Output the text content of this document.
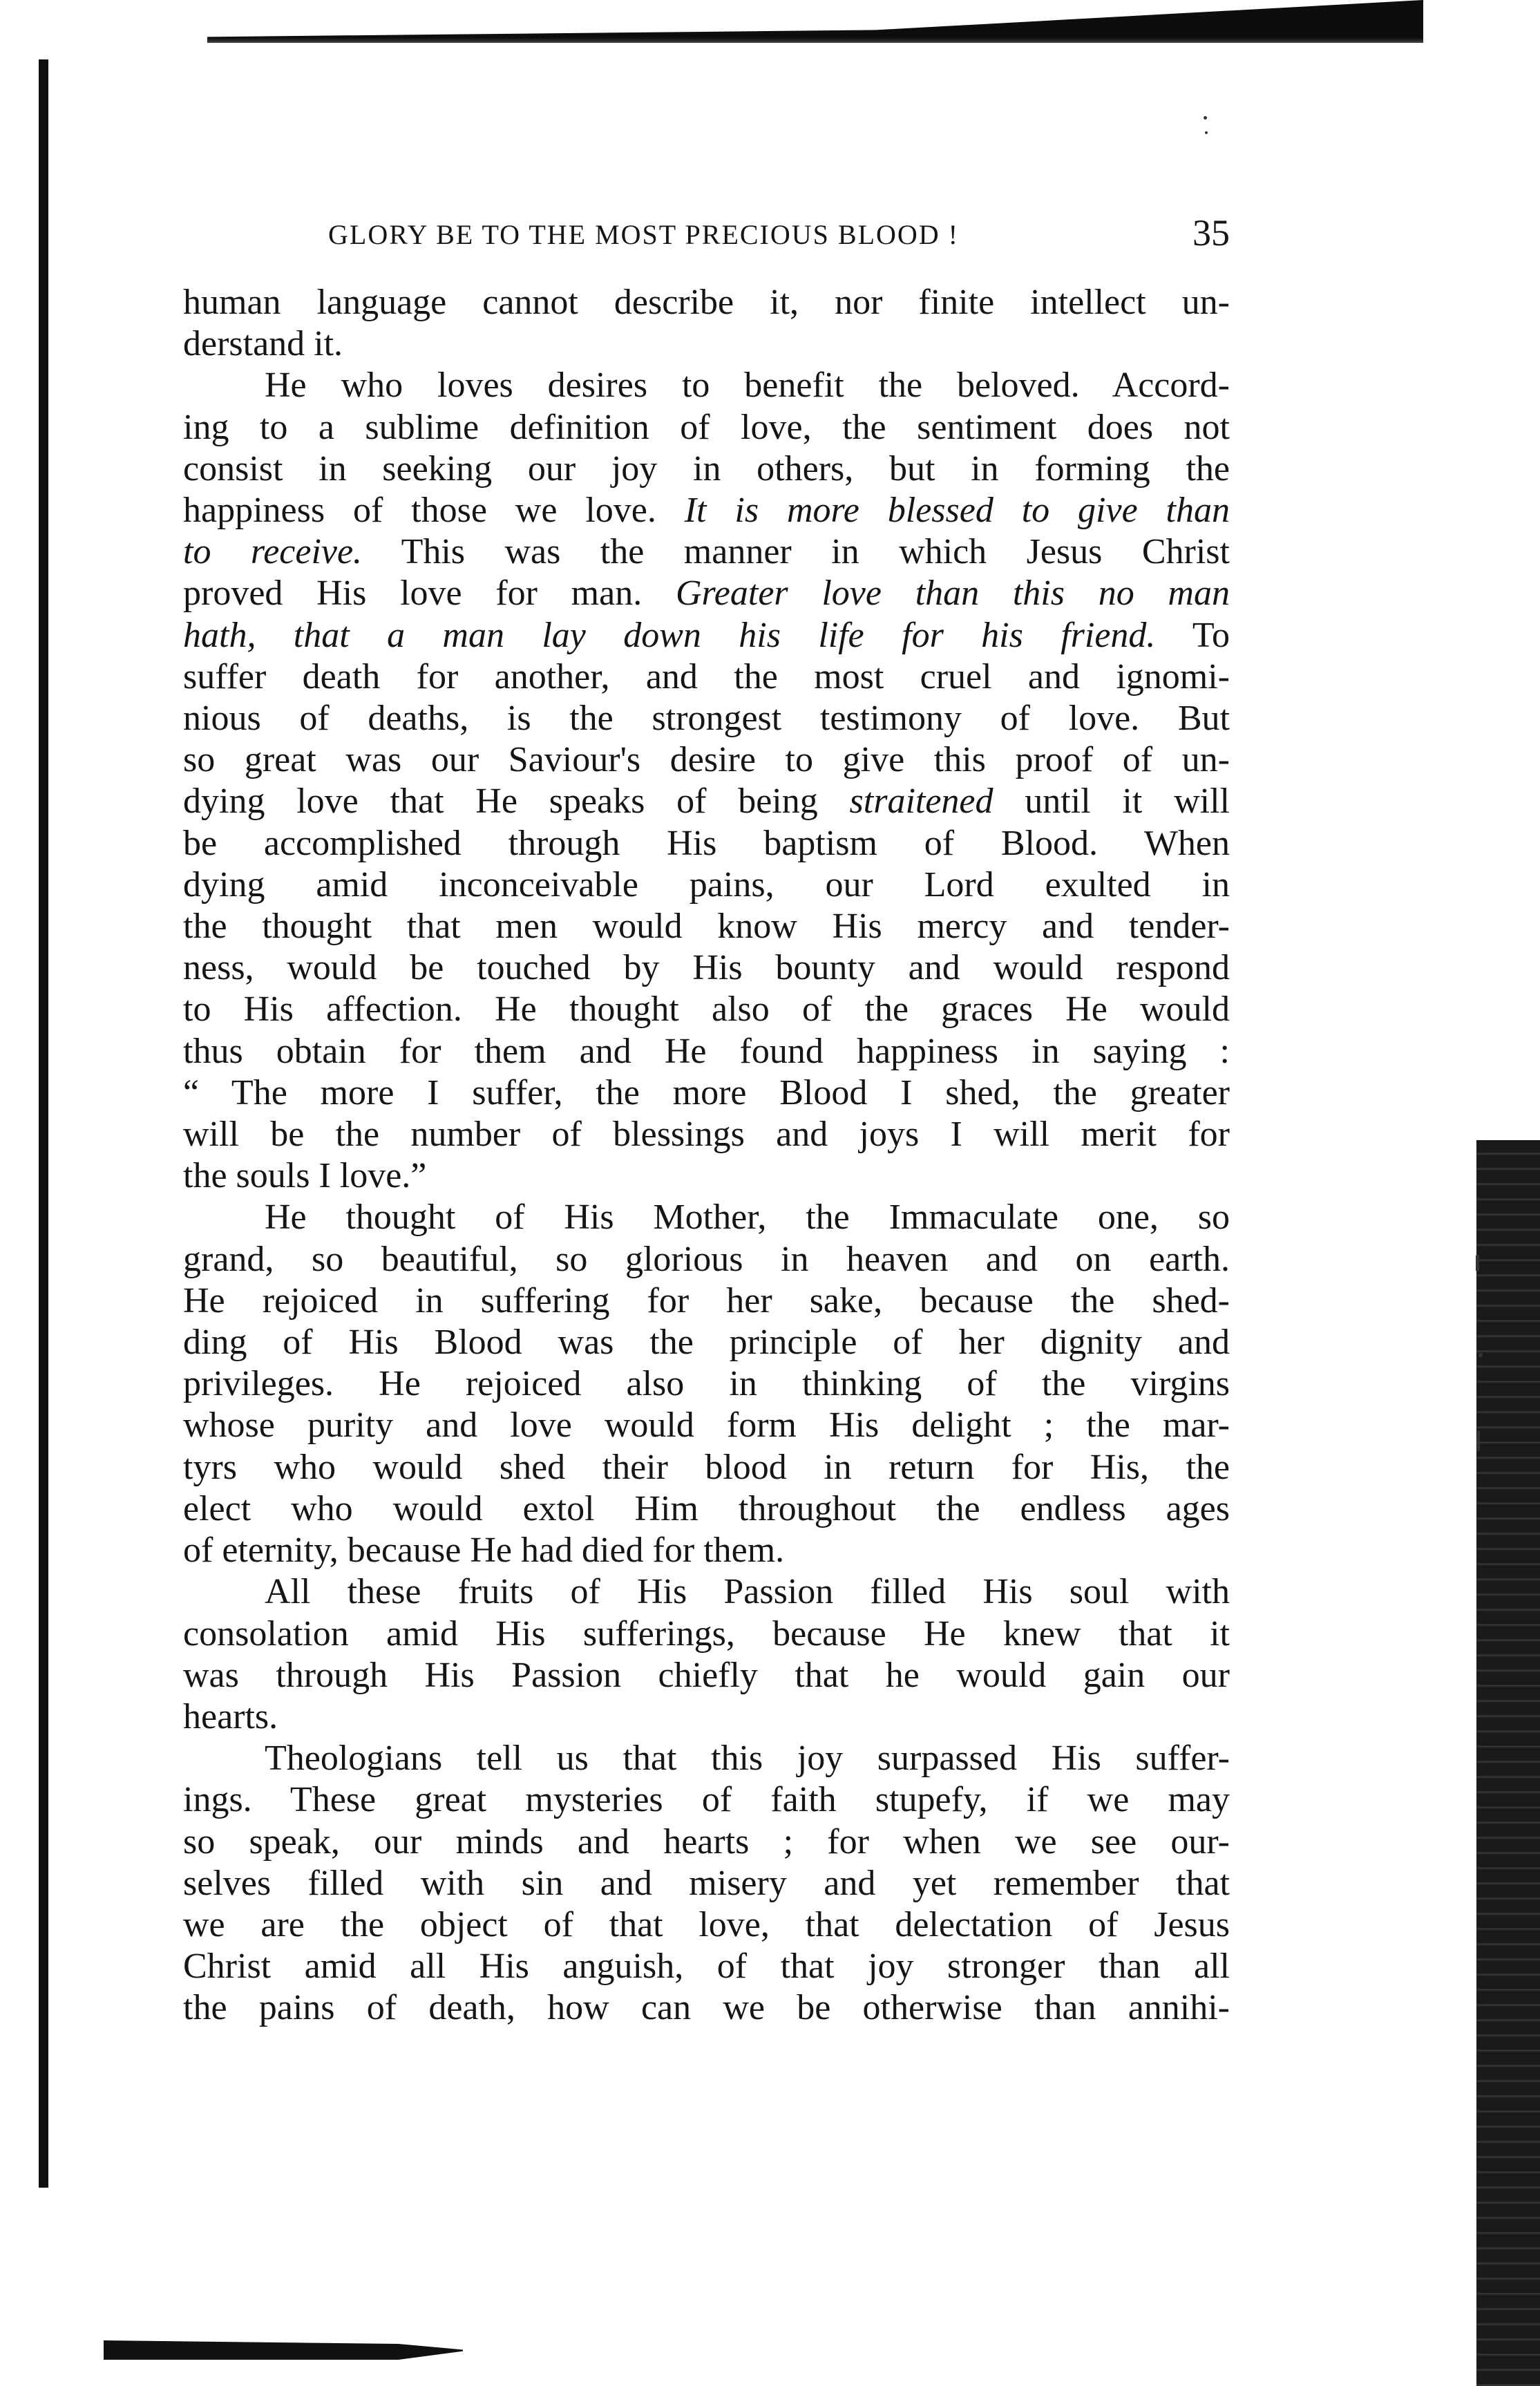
GLORY BE TO THE MOST PRECIOUS BLOOD !	35

human language cannot describe it, nor finite intellect un-

derstand it.

He who loves desires to benefit the beloved. Accord-

ing to a sublime definition of love, the sentiment does not

consist in seeking our joy in others, but in forming the

happiness of those we love. It is more blessed to give than

to receive. This was the manner in which Jesus Christ

proved His love for man. Greater love than this no man

hath, that a man lay down his life for his friend. To

suffer death for another, and the most cruel and ignomi-

nious of deaths, is the strongest testimony of love. But

so great was our Saviour's desire to give this proof of un-

dying love that He speaks of being straitened until it will

be accomplished through His baptism of Blood. When

dying amid inconceivable pains, our Lord exulted in

the thought that men would know His mercy and tender-

ness, would be touched by His bounty and would respond

to His affection. He thought also of the graces He would

thus obtain for them and He found happiness in saying :

“ The more I suffer, the more Blood I shed, the greater

will be the number of blessings and joys I will merit for

the souls I love.”

He thought of His Mother, the Immaculate one, so

grand, so beautiful, so glorious in heaven and on earth.

He rejoiced in suffering for her sake, because the shed-

ding of His Blood was the principle of her dignity and

privileges. He rejoiced also in thinking of the virgins

whose purity and love would form His delight ; the mar-

tyrs who would shed their blood in return for His, the

elect who would extol Him throughout the endless ages

of eternity, because He had died for them.

All these fruits of His Passion filled His soul with

consolation amid His sufferings, because He knew that it

was through His Passion chiefly that he would gain our

hearts.

Theologians tell us that this joy surpassed His suffer-

ings. These great mysteries of faith stupefy, if we may

so speak, our minds and hearts ; for when we see our-

selves filled with sin and misery and yet remember that

we are the object of that love, that delectation of Jesus

Christ amid all His anguish, of that joy stronger than all

the pains of death, how can we be otherwise than annihi-
